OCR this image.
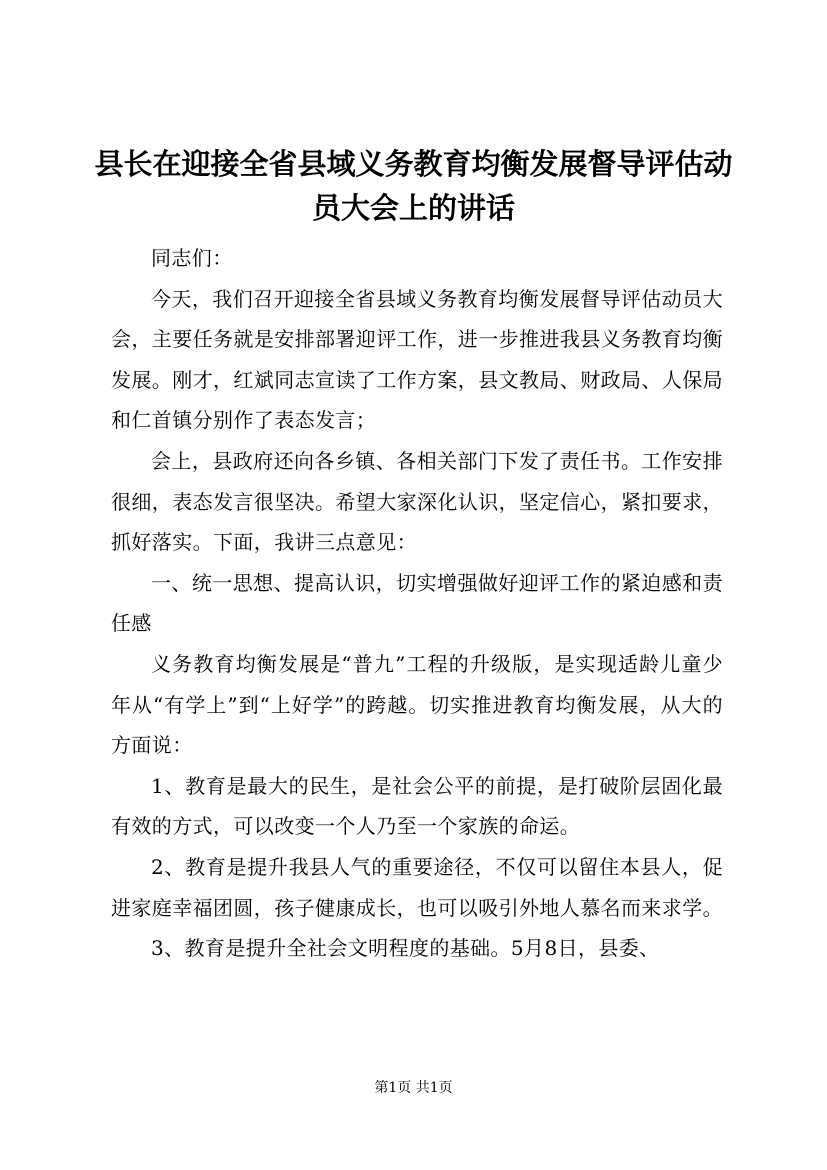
县长在迎接全省县域义务教育均衡发展督导评估动员大会上的讲话

同志们：

今天，我们召开迎接全省县域义务教育均衡发展督导评估动员大会，主要任务就是安排部署迎评工作，进一步推进我县义务教育均衡发展。刚才，红斌同志宣读了工作方案，县文教局、财政局、人保局和仁首镇分别作了表态发言；

会上，县政府还向各乡镇、各相关部门下发了责任书。工作安排很细，表态发言很坚决。希望大家深化认识，坚定信心，紧扣要求，抓好落实。下面，我讲三点意见：

一、统一思想、提高认识，切实增强做好迎评工作的紧迫感和责任感

义务教育均衡发展是“普九”工程的升级版，是实现适龄儿童少年从“有学上”到“上好学”的跨越。切实推进教育均衡发展，从大的方面说：

1、教育是最大的民生，是社会公平的前提，是打破阶层固化最有效的方式，可以改变一个人乃至一个家族的命运。

2、教育是提升我县人气的重要途径，不仅可以留住本县人，促进家庭幸福团圆，孩子健康成长，也可以吸引外地人慕名而来求学。

3、教育是提升全社会文明程度的基础。5月8日，县委、

第1页 共1页
